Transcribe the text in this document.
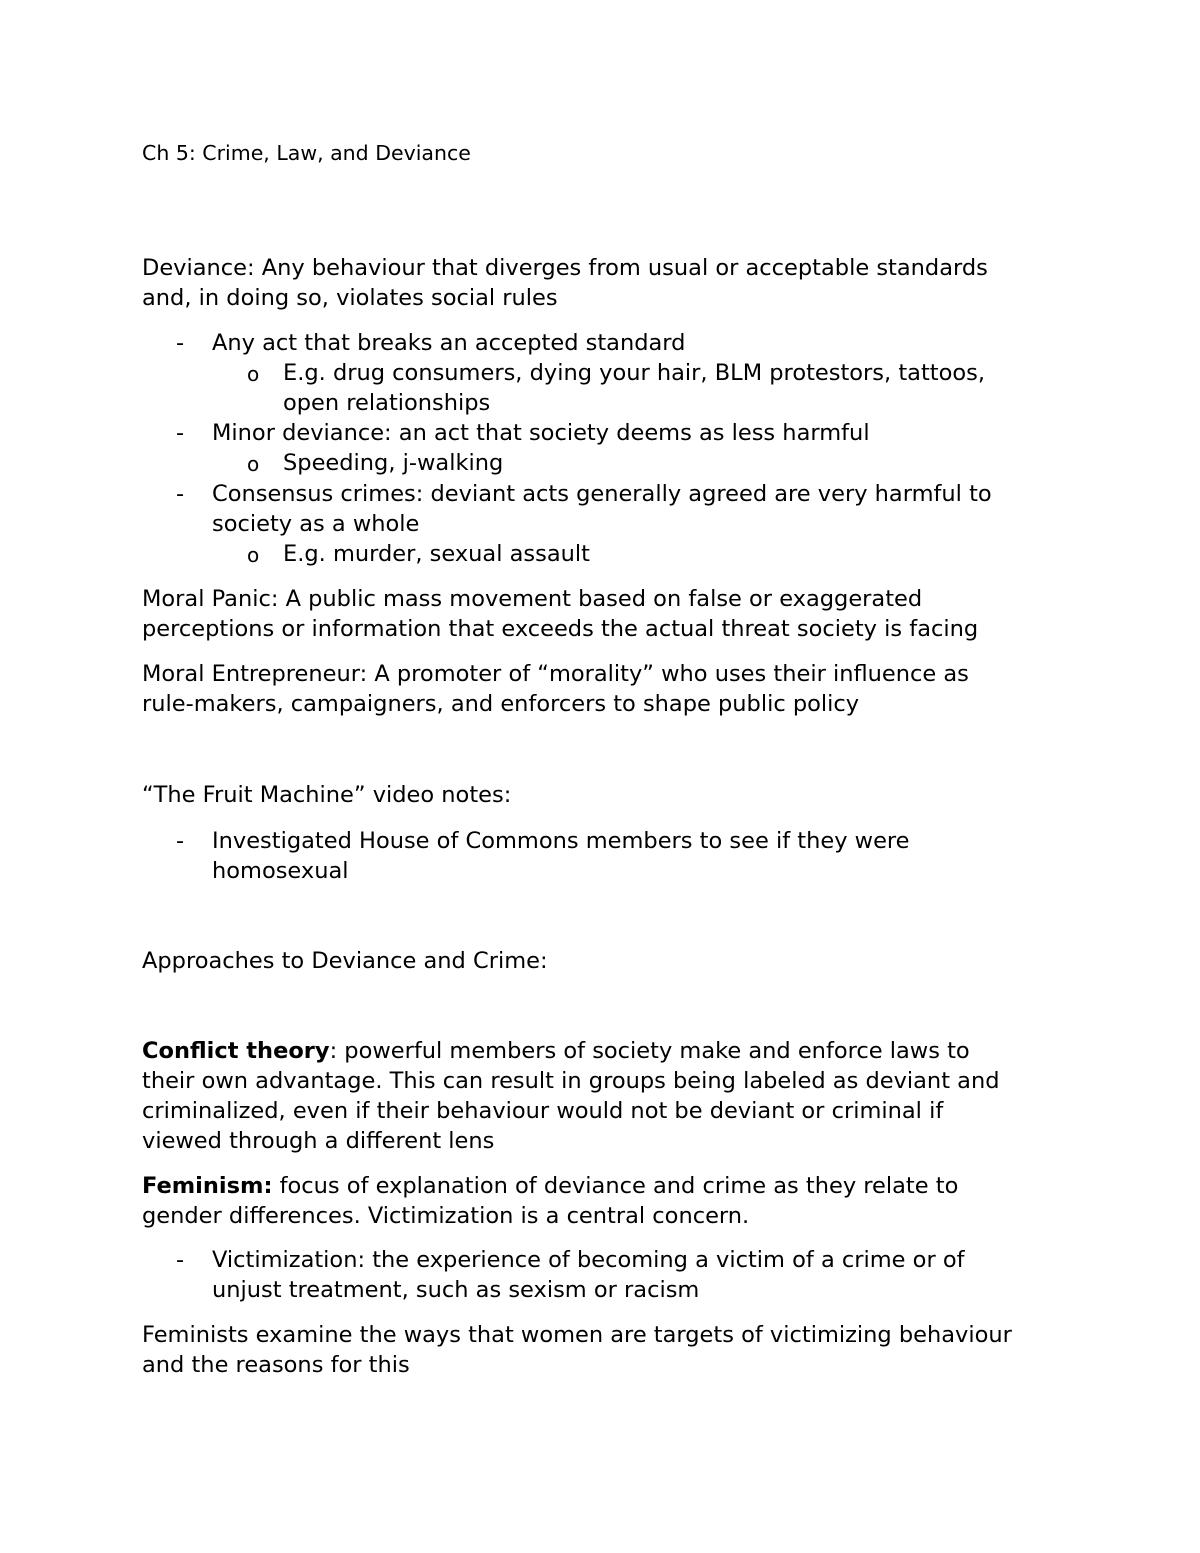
Ch 5: Crime, Law, and Deviance
Deviance: Any behaviour that diverges from usual or acceptable standards
and, in doing so, violates social rules
- Any act that breaks an accepted standard
o E.g. drug consumers, dying your hair, BLM protestors, tattoos,
open relationships
- Minor deviance: an act that society deems as less harmful
o Speeding, j-walking
- Consensus crimes: deviant acts generally agreed are very harmful to
society as a whole
o E.g. murder, sexual assault
Moral Panic: A public mass movement based on false or exaggerated
perceptions or information that exceeds the actual threat society is facing
Moral Entrepreneur: A promoter of “morality” who uses their influence as
rule-makers, campaigners, and enforcers to shape public policy
“The Fruit Machine” video notes:
- Investigated House of Commons members to see if they were
homosexual
Approaches to Deviance and Crime:
Conflict theory: powerful members of society make and enforce laws to
their own advantage. This can result in groups being labeled as deviant and
criminalized, even if their behaviour would not be deviant or criminal if
viewed through a different lens
Feminism: focus of explanation of deviance and crime as they relate to
gender differences. Victimization is a central concern.
- Victimization: the experience of becoming a victim of a crime or of
unjust treatment, such as sexism or racism
Feminists examine the ways that women are targets of victimizing behaviour
and the reasons for this
